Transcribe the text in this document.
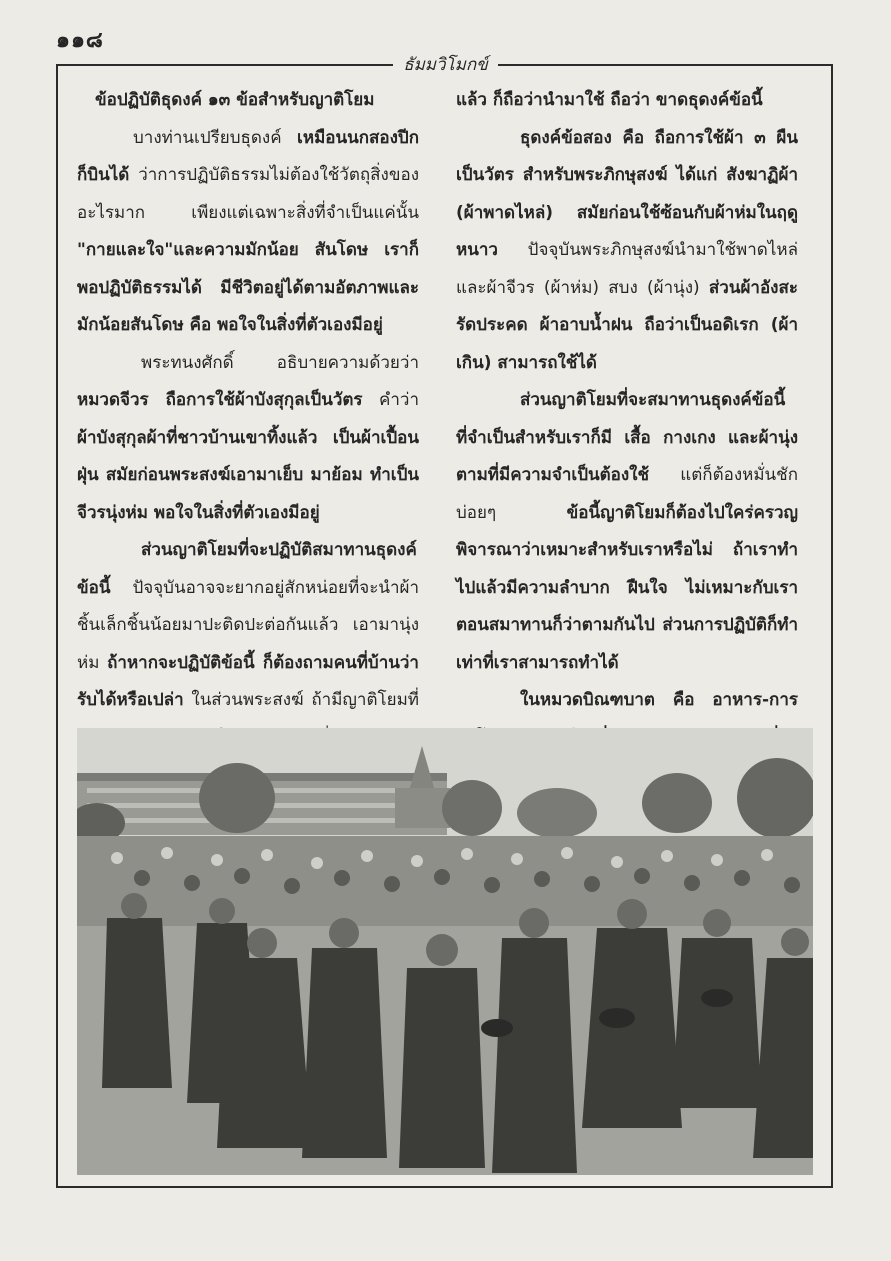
๑๑๘
ธัมมวิโมกข์

ข้อปฏิบัติธุดงค์ ๑๓ ข้อสำหรับญาติโยม

บางท่านเปรียบธุดงค์ เหมือนนกสองปีกก็บินได้ ว่าการปฏิบัติธรรมไม่ต้องใช้วัตถุสิ่งของอะไรมาก เพียงแต่เฉพาะสิ่งที่จำเป็นแค่นั้น "กายและใจ"และความมักน้อย สันโดษ เราก็พอปฏิบัติธรรมได้ มีชีวิตอยู่ได้ตามอัตภาพและมักน้อยสันโดษ คือ พอใจในสิ่งที่ตัวเองมีอยู่

พระทนงศักดิ์ อธิบายความด้วยว่า หมวดจีวร ถือการใช้ผ้าบังสุกุลเป็นวัตร คำว่า ผ้าบังสุกุลผ้าที่ชาวบ้านเขาทิ้งแล้ว เป็นผ้าเปื้อนฝุ่น สมัยก่อนพระสงฆ์เอามาเย็บ มาย้อม ทำเป็นจีวรนุ่งห่ม พอใจในสิ่งที่ตัวเองมีอยู่

ส่วนญาติโยมที่จะปฏิบัติสมาทานธุดงค์ข้อนี้ ปัจจุบันอาจจะยากอยู่สักหน่อยที่จะนำผ้าชิ้นเล็กชิ้นน้อยมาปะติดปะต่อกันแล้ว เอามานุ่งห่ม ถ้าหากจะปฏิบัติข้อนี้ ก็ต้องถามคนที่บ้านว่ารับได้หรือเปล่า ในส่วนพระสงฆ์ ถ้ามีญาติโยมที่

แล้ว ก็ถือว่านำมาใช้ ถือว่า ขาดธุดงค์ข้อนี้

ธุดงค์ข้อสอง คือ ถือการใช้ผ้า ๓ ผืนเป็นวัตร สำหรับพระภิกษุสงฆ์ ได้แก่ สังฆาฏิผ้า (ผ้าพาดไหล่) สมัยก่อนใช้ซ้อนกับผ้าห่มในฤดูหนาว ปัจจุบันพระภิกษุสงฆ์นำมาใช้พาดไหล่ และผ้าจีวร (ผ้าห่ม) สบง (ผ้านุ่ง) ส่วนผ้าอังสะ รัดประคด ผ้าอาบน้ำฝน ถือว่าเป็นอดิเรก (ผ้าเกิน) สามารถใช้ได้

ส่วนญาติโยมที่จะสมาทานธุดงค์ข้อนี้ ที่จำเป็นสำหรับเราก็มี เสื้อ กางเกง และผ้านุ่ง ตามที่มีความจำเป็นต้องใช้ แต่ก็ต้องหมั่นชักบ่อยๆ ข้อนี้ญาติโยมก็ต้องไปใคร่ครวญ พิจารณาว่าเหมาะสำหรับเราหรือไม่ ถ้าเราทำไปแล้วมีความลำบาก ฝืนใจ ไม่เหมาะกับเรา ตอนสมาทานก็ว่าตามกันไป ส่วนการปฏิบัติก็ทำ เท่าที่เราสามารถทำได้

ในหมวดบิณฑบาต คือ อาหาร-การ
